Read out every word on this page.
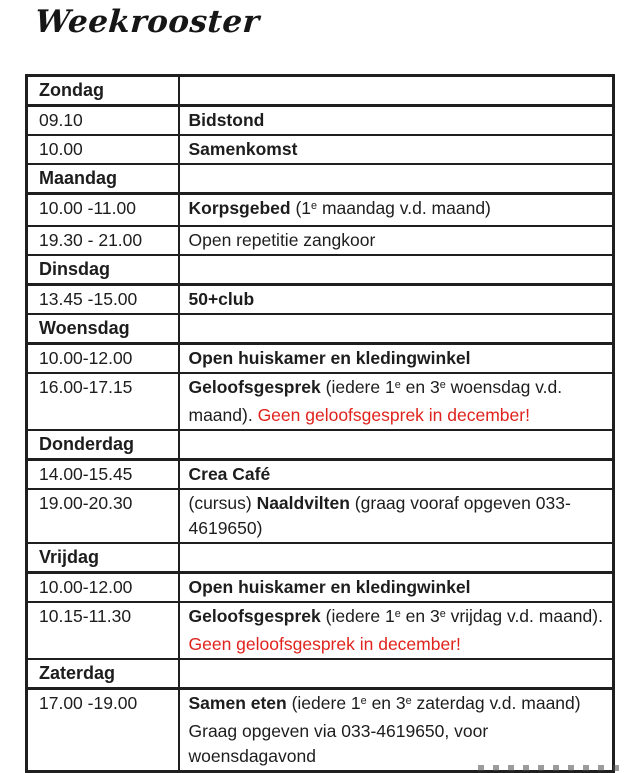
Weekrooster
Zondag	
09.10	Bidstond
10.00	Samenkomst
Maandag	
10.00 -11.00	Korpsgebed (1e maandag v.d. maand)
19.30 - 21.00	Open repetitie zangkoor
Dinsdag	
13.45 -15.00	50+club
Woensdag	
10.00-12.00	Open huiskamer en kledingwinkel
16.00-17.15	Geloofsgesprek (iedere 1e en 3e woensdag v.d. maand). Geen geloofsgesprek in december!
Donderdag	
14.00-15.45	Crea Café
19.00-20.30	(cursus) Naaldvilten (graag vooraf opgeven 033-4619650)
Vrijdag	
10.00-12.00	Open huiskamer en kledingwinkel
10.15-11.30	Geloofsgesprek (iedere 1e en 3e vrijdag v.d. maand). Geen geloofsgesprek in december!
Zaterdag	
17.00 -19.00	Samen eten (iedere 1e en 3e zaterdag v.d. maand) Graag opgeven via 033-4619650, voor woensdagavond
